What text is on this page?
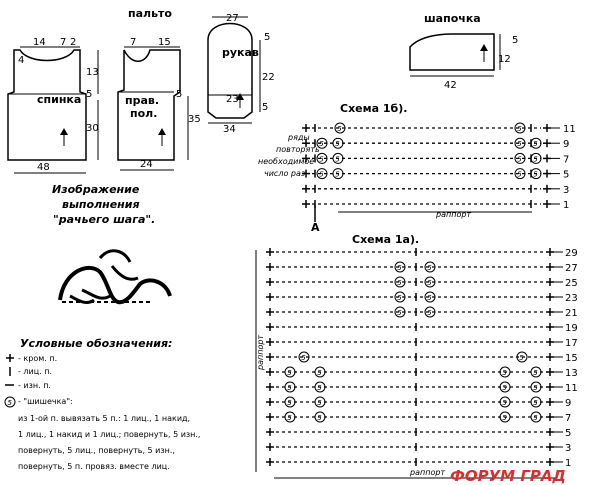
спинка
14 7 2
4
13
5
30
48
пальто
7 15
прав.
пол.
5
35
24
27
5
рукав
22
23
5
34
шапочка
5
12
42
Изображение
выполнения
"рачьего шага".
Условные обозначения:
- кром. п.
- лиц. п.
- изн. п.
5 - "шишечка":
из 1-ой п. вывязать 5 п.: 1 лиц., 1 накид,
1 лиц., 1 накид и 1 лиц.; повернуть, 5 изн.,
повернуть, 5 лиц., повернуть, 5 изн.,
повернуть, 5 п. провяз. вместе лиц.
Схема 1б).
ряды
повторять
необходимое
число раз
5	5	11
5 5	5 5	9
5 5	5 5	7
5 5	5 5	5
3
1
А
раппорт
Схема 1а).
29
5	5	27
5	5	25
5	5	23
5	5	21
19
17
5	5	15
5	5	5	5	13
5	5	5	5	11
5	5	5	5	9
5	5	5	5	7
5
3
1
раппорт
раппорт ФОРУМ ГРАД
